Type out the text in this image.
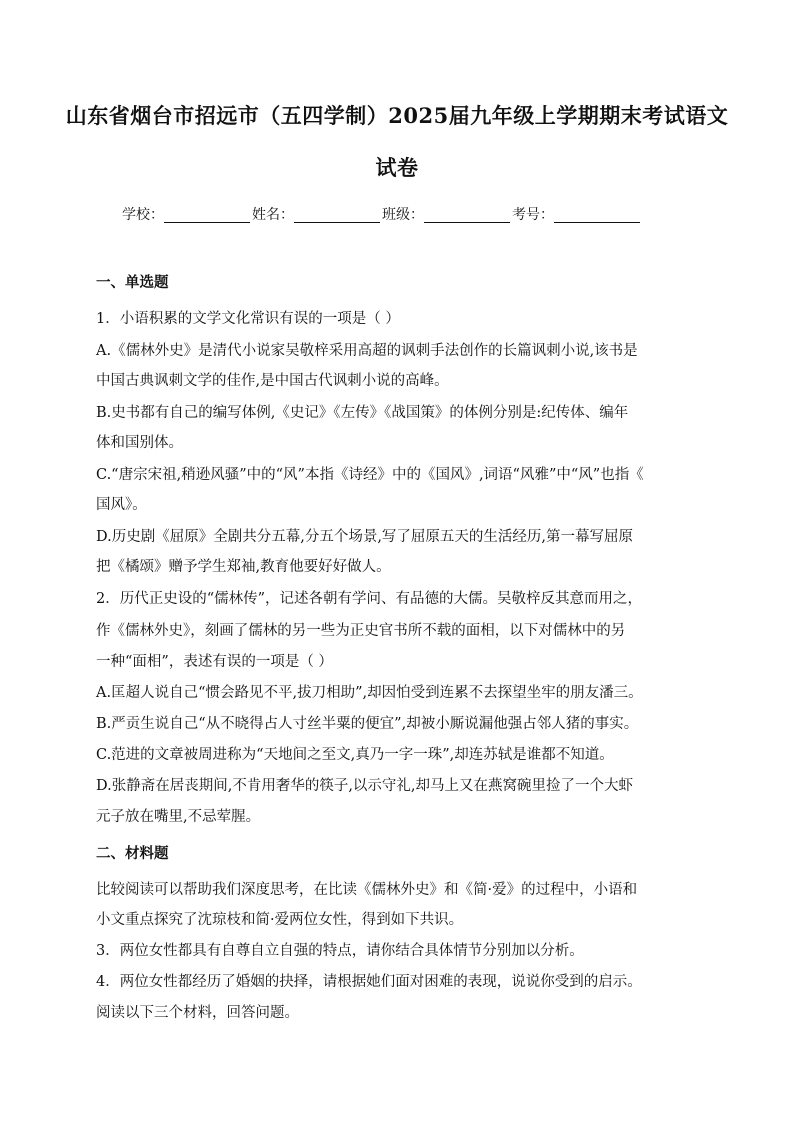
山东省烟台市招远市（五四学制）2025届九年级上学期期末考试语文
试卷
学校：	姓名：	班级：	考号：
一、单选题
1．小语积累的文学文化常识有误的一项是（ ）
A.《儒林外史》是清代小说家吴敬梓采用高超的讽刺手法创作的长篇讽刺小说,该书是
中国古典讽刺文学的佳作,是中国古代讽刺小说的高峰。
B.史书都有自己的编写体例,《史记》《左传》《战国策》的体例分别是:纪传体、编年
体和国别体。
C.“唐宗宋祖,稍逊风骚”中的“风”本指《诗经》中的《国风》,词语“风雅”中“风”也指《
国风》。
D.历史剧《屈原》全剧共分五幕,分五个场景,写了屈原五天的生活经历,第一幕写屈原
把《橘颂》赠予学生郑袖,教育他要好好做人。
2．历代正史设的“儒林传”，记述各朝有学问、有品德的大儒。吴敬梓反其意而用之，
作《儒林外史》，刻画了儒林的另一些为正史官书所不载的面相，以下对儒林中的另
一种“面相”，表述有误的一项是（ ）
A.匡超人说自己“惯会路见不平,拔刀相助”,却因怕受到连累不去探望坐牢的朋友潘三。
B.严贡生说自己“从不晓得占人寸丝半粟的便宜”,却被小厮说漏他强占邻人猪的事实。
C.范进的文章被周进称为“天地间之至文,真乃一字一珠”,却连苏轼是谁都不知道。
D.张静斋在居丧期间,不肯用奢华的筷子,以示守礼,却马上又在燕窝碗里捡了一个大虾
元子放在嘴里,不忌荤腥。
二、材料题
比较阅读可以帮助我们深度思考，在比读《儒林外史》和《简·爱》的过程中，小语和
小文重点探究了沈琼枝和简·爱两位女性，得到如下共识。
3．两位女性都具有自尊自立自强的特点，请你结合具体情节分别加以分析。
4．两位女性都经历了婚姻的抉择，请根据她们面对困难的表现，说说你受到的启示。
阅读以下三个材料，回答问题。
